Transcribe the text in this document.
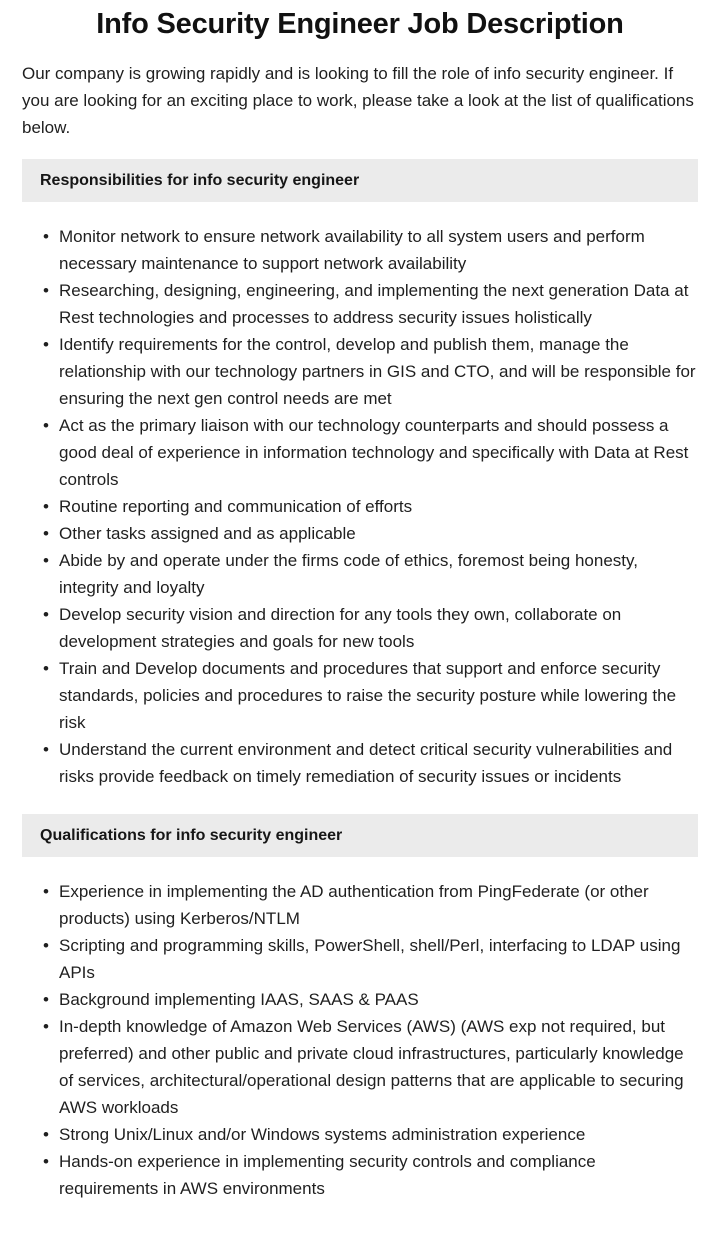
Info Security Engineer Job Description

Our company is growing rapidly and is looking to fill the role of info security engineer. If you are looking for an exciting place to work, please take a look at the list of qualifications below.

Responsibilities for info security engineer
• Monitor network to ensure network availability to all system users and perform necessary maintenance to support network availability
• Researching, designing, engineering, and implementing the next generation Data at Rest technologies and processes to address security issues holistically
• Identify requirements for the control, develop and publish them, manage the relationship with our technology partners in GIS and CTO, and will be responsible for ensuring the next gen control needs are met
• Act as the primary liaison with our technology counterparts and should possess a good deal of experience in information technology and specifically with Data at Rest controls
• Routine reporting and communication of efforts
• Other tasks assigned and as applicable
• Abide by and operate under the firms code of ethics, foremost being honesty, integrity and loyalty
• Develop security vision and direction for any tools they own, collaborate on development strategies and goals for new tools
• Train and Develop documents and procedures that support and enforce security standards, policies and procedures to raise the security posture while lowering the risk
• Understand the current environment and detect critical security vulnerabilities and risks provide feedback on timely remediation of security issues or incidents
Qualifications for info security engineer
• Experience in implementing the AD authentication from PingFederate (or other products) using Kerberos/NTLM
• Scripting and programming skills, PowerShell, shell/Perl, interfacing to LDAP using APIs
• Background implementing IAAS, SAAS & PAAS
• In-depth knowledge of Amazon Web Services (AWS) (AWS exp not required, but preferred) and other public and private cloud infrastructures, particularly knowledge of services, architectural/operational design patterns that are applicable to securing AWS workloads
• Strong Unix/Linux and/or Windows systems administration experience
• Hands-on experience in implementing security controls and compliance requirements in AWS environments
